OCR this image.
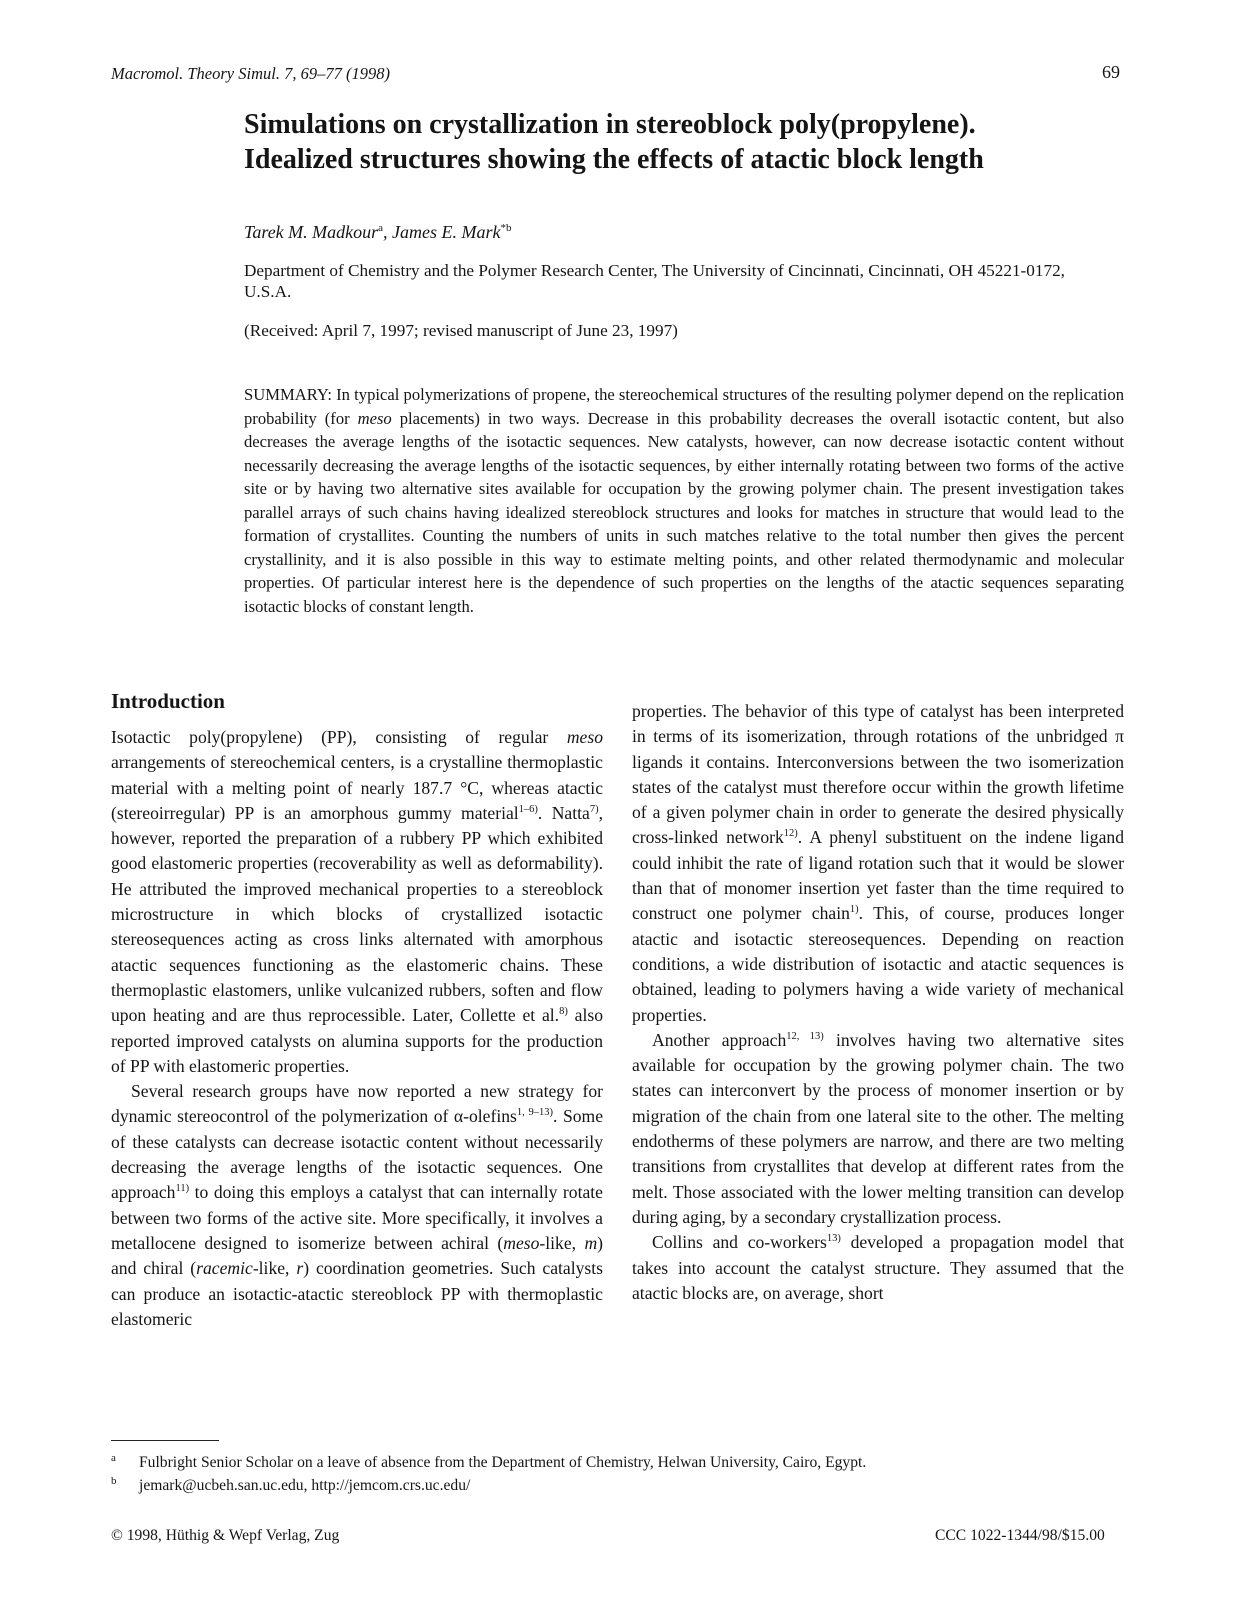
Macromol. Theory Simul. 7, 69–77 (1998)	69
Simulations on crystallization in stereoblock poly(propylene).
Idealized structures showing the effects of atactic block length
Tarek M. Madkour$^a$, James E. Mark$^{*b}$
Department of Chemistry and the Polymer Research Center, The University of Cincinnati, Cincinnati, OH 45221-0172, U.S.A.
(Received: April 7, 1997; revised manuscript of June 23, 1997)
SUMMARY: In typical polymerizations of propene, the stereochemical structures of the resulting polymer depend on the replication probability (for meso placements) in two ways. Decrease in this probability decreases the overall isotactic content, but also decreases the average lengths of the isotactic sequences. New catalysts, however, can now decrease isotactic content without necessarily decreasing the average lengths of the isotactic sequences, by either internally rotating between two forms of the active site or by having two alternative sites available for occupation by the growing polymer chain. The present investigation takes parallel arrays of such chains having idealized stereoblock structures and looks for matches in structure that would lead to the formation of crystallites. Counting the numbers of units in such matches relative to the total number then gives the percent crystallinity, and it is also possible in this way to estimate melting points, and other related thermodynamic and molecular properties. Of particular interest here is the dependence of such properties on the lengths of the atactic sequences separating isotactic blocks of constant length.
Introduction

Isotactic poly(propylene) (PP), consisting of regular meso arrangements of stereochemical centers, is a crystalline thermoplastic material with a melting point of nearly 187.7 °C, whereas atactic (stereoirregular) PP is an amorphous gummy material$^{1-6)}$. Natta$^{7)}$, however, reported the preparation of a rubbery PP which exhibited good elastomeric properties (recoverability as well as deformability). He attributed the improved mechanical properties to a stereoblock microstructure in which blocks of crystallized isotactic stereosequences acting as cross links alternated with amorphous atactic sequences functioning as the elastomeric chains. These thermoplastic elastomers, unlike vulcanized rubbers, soften and flow upon heating and are thus reprocessible. Later, Collette et al.$^{8)}$ also reported improved catalysts on alumina supports for the production of PP with elastomeric properties.

Several research groups have now reported a new strategy for dynamic stereocontrol of the polymerization of α-olefins$^{1, 9-13)}$. Some of these catalysts can decrease isotactic content without necessarily decreasing the average lengths of the isotactic sequences. One approach$^{11)}$ to doing this employs a catalyst that can internally rotate between two forms of the active site. More specifically, it involves a metallocene designed to isomerize between achiral (meso-like, m) and chiral (racemic-like, r) coordination geometries. Such catalysts can produce an isotactic-atactic stereoblock PP with thermoplastic elastomeric

properties. The behavior of this type of catalyst has been interpreted in terms of its isomerization, through rotations of the unbridged π ligands it contains. Interconversions between the two isomerization states of the catalyst must therefore occur within the growth lifetime of a given polymer chain in order to generate the desired physically cross-linked network$^{12)}$. A phenyl substituent on the indene ligand could inhibit the rate of ligand rotation such that it would be slower than that of monomer insertion yet faster than the time required to construct one polymer chain$^{1)}$. This, of course, produces longer atactic and isotactic stereosequences. Depending on reaction conditions, a wide distribution of isotactic and atactic sequences is obtained, leading to polymers having a wide variety of mechanical properties.

Another approach$^{12, 13)}$ involves having two alternative sites available for occupation by the growing polymer chain. The two states can interconvert by the process of monomer insertion or by migration of the chain from one lateral site to the other. The melting endotherms of these polymers are narrow, and there are two melting transitions from crystallites that develop at different rates from the melt. Those associated with the lower melting transition can develop during aging, by a secondary crystallization process.

Collins and co-workers$^{13)}$ developed a propagation model that takes into account the catalyst structure. They assumed that the atactic blocks are, on average, short

a Fulbright Senior Scholar on a leave of absence from the Department of Chemistry, Helwan University, Cairo, Egypt.
b jemark@ucbeh.san.uc.edu, http://jemcom.crs.uc.edu/
© 1998, Hüthig & Wepf Verlag, Zug	CCC 1022-1344/98/$15.00
